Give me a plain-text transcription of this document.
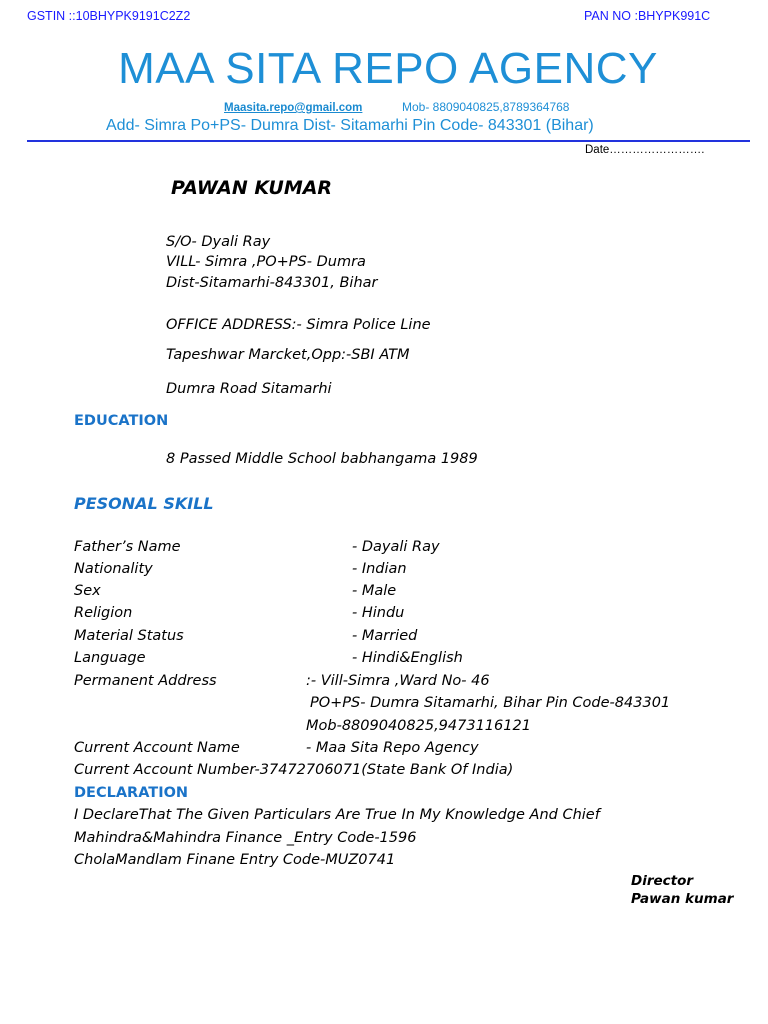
GSTIN ::10BHYPK9191C2Z2	PAN NO :BHYPK991C
MAA SITA REPO AGENCY
Maasita.repo@gmail.com	Mob- 8809040825,8789364768
Add- Simra Po+PS- Dumra Dist- Sitamarhi Pin Code- 843301 (Bihar)
Date…………………….
PAWAN KUMAR
S/O- Dyali Ray
VILL- Simra ,PO+PS- Dumra
Dist-Sitamarhi-843301, Bihar
OFFICE ADDRESS:- Simra Police Line
Tapeshwar Marcket,Opp:-SBI ATM
Dumra Road Sitamarhi
EDUCATION
8 Passed Middle School babhangama 1989
PESONAL SKILL
Father’s Name	- Dayali Ray
Nationality	- Indian
Sex	- Male
Religion	- Hindu
Material Status	- Married
Language	- Hindi&English
Permanent Address	:- Vill-Simra ,Ward No- 46
PO+PS- Dumra Sitamarhi, Bihar Pin Code-843301
Mob-8809040825,9473116121
Current Account Name	- Maa Sita Repo Agency
Current Account Number-37472706071(State Bank Of India)
DECLARATION
I DeclareThat The Given Particulars Are True In My Knowledge And Chief
Mahindra&Mahindra Finance _Entry Code-1596
CholaMandlam Finane Entry Code-MUZ0741
Director
Pawan kumar
